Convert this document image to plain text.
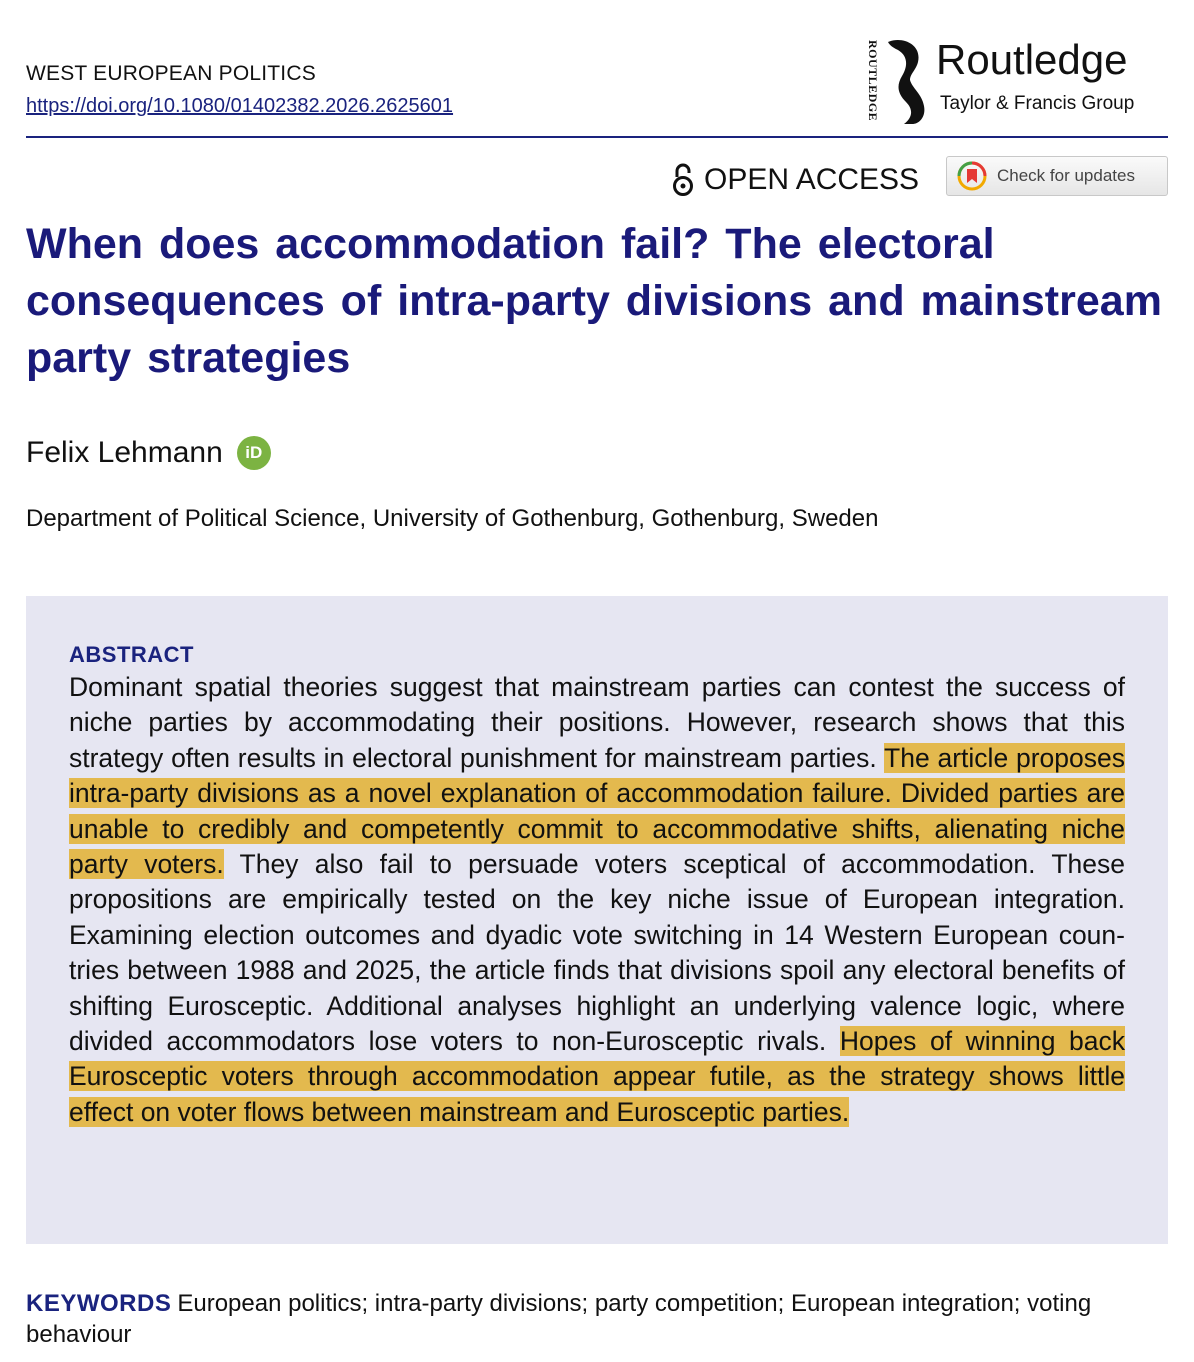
WEST EUROPEAN POLITICS
https://doi.org/10.1080/01402382.2026.2625601	ROUTLEDGE Routledge
Taylor & Francis Group
OPEN ACCESS	Check for updates
When does accommodation fail? The electoral consequences of intra-party divisions and mainstream party strategies
Felix Lehmann	iD
Department of Political Science, University of Gothenburg, Gothenburg, Sweden
ABSTRACT

Dominant spatial theories suggest that mainstream parties can contest the success of niche parties by accommodating their positions. However, research shows that this strategy often results in electoral punishment for mainstream parties. The article proposes intra-party divisions as a novel explanation of accommodation failure. Divided parties are unable to credibly and competently commit to accommodative shifts, alienating niche party voters. They also fail to persuade voters sceptical of accommodation. These propositions are empirically tested on the key niche issue of European integration. Examining election outcomes and dyadic vote switching in 14 Western European countries between 1988 and 2025, the article finds that divisions spoil any electoral benefits of shifting Eurosceptic. Additional analyses highlight an underlying valence logic, where divided accommodators lose voters to non-Eurosceptic rivals. Hopes of winning back Eurosceptic voters through accommodation appear futile, as the strategy shows little effect on voter flows between mainstream and Eurosceptic parties.

KEYWORDS European politics; intra-party divisions; party competition; European integration; voting behaviour
